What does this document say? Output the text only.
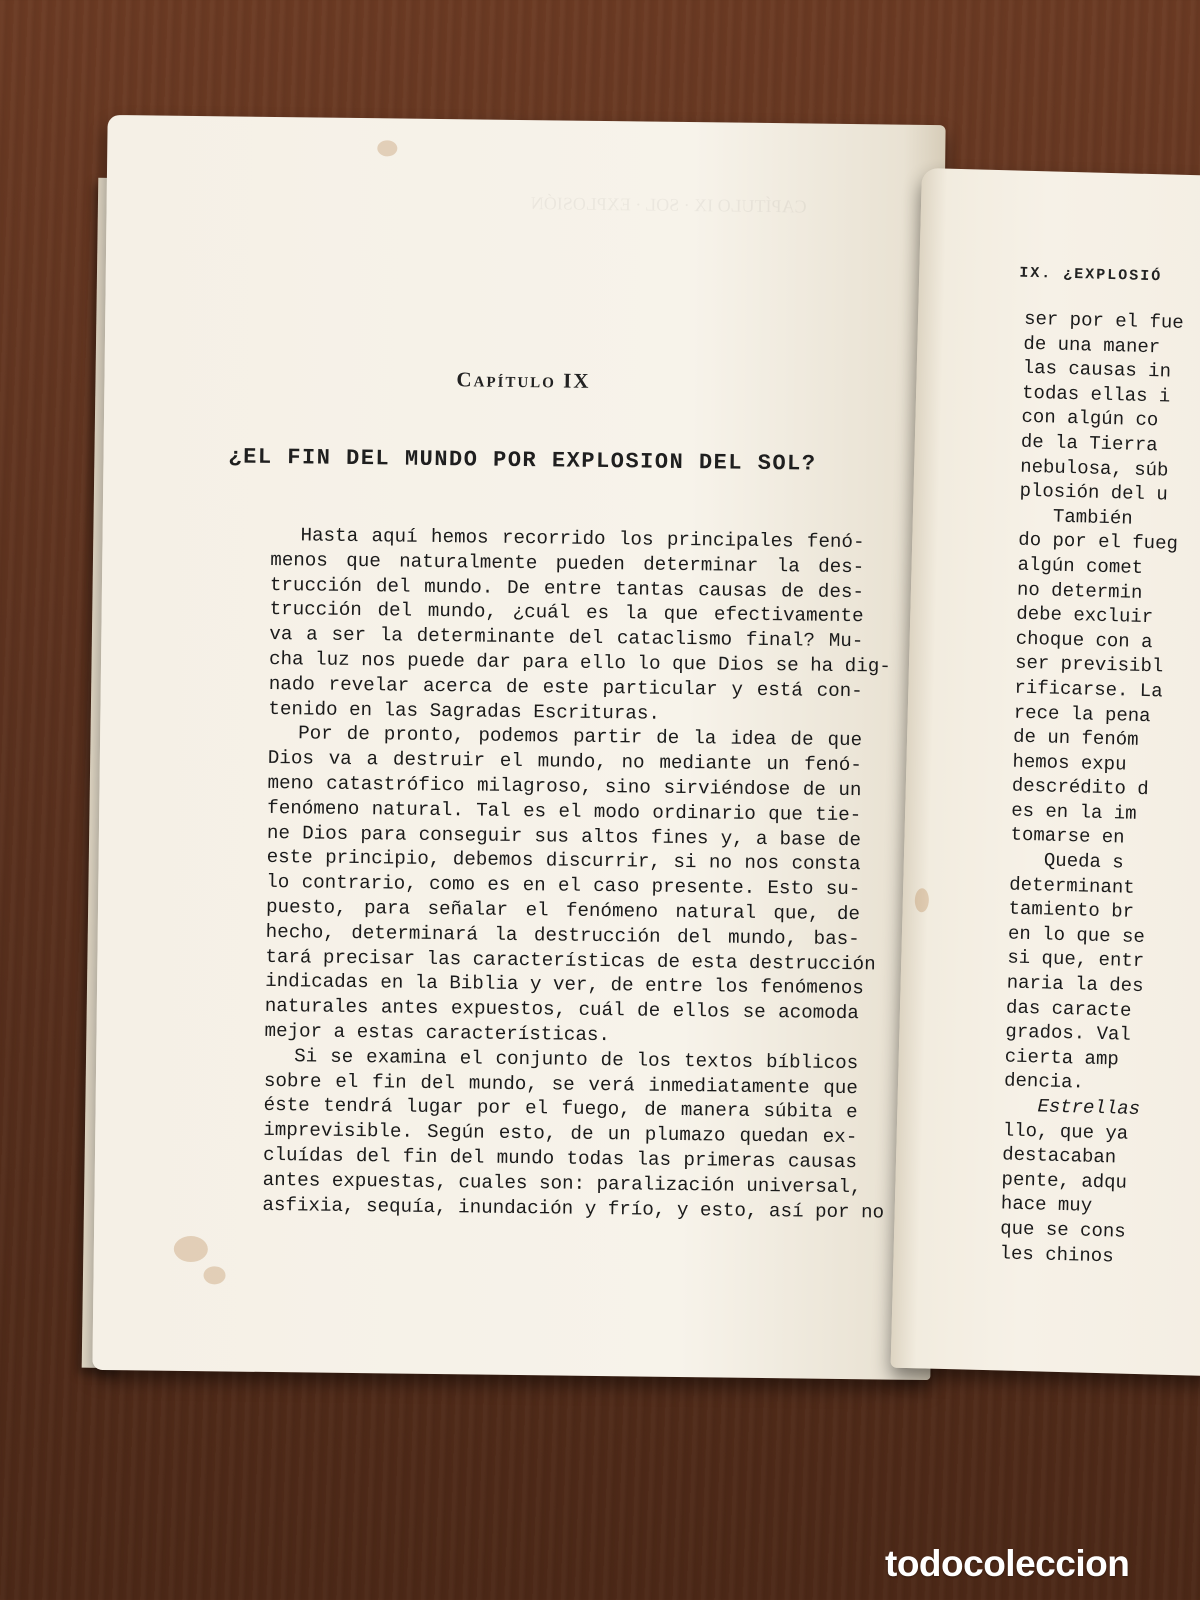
Capítulo IX
¿EL FIN DEL MUNDO POR EXPLOSION DEL SOL?
Hasta aquí hemos recorrido los principales fenó-
menos que naturalmente pueden determinar la des-
trucción del mundo. De entre tantas causas de des-
trucción del mundo, ¿cuál es la que efectivamente
va a ser la determinante del cataclismo final? Mu-
cha luz nos puede dar para ello lo que Dios se ha dig-
nado revelar acerca de este particular y está con-
tenido en las Sagradas Escrituras.
Por de pronto, podemos partir de la idea de que
Dios va a destruir el mundo, no mediante un fenó-
meno catastrófico milagroso, sino sirviéndose de un
fenómeno natural. Tal es el modo ordinario que tie-
ne Dios para conseguir sus altos fines y, a base de
este principio, debemos discurrir, si no nos consta
lo contrario, como es en el caso presente. Esto su-
puesto, para señalar el fenómeno natural que, de
hecho, determinará la destrucción del mundo, bas-
tará precisar las características de esta destrucción
indicadas en la Biblia y ver, de entre los fenómenos
naturales antes expuestos, cuál de ellos se acomoda
mejor a estas características.
Si se examina el conjunto de los textos bíblicos
sobre el fin del mundo, se verá inmediatamente que
éste tendrá lugar por el fuego, de manera súbita e
imprevisible. Según esto, de un plumazo quedan ex-
cluídas del fin del mundo todas las primeras causas
antes expuestas, cuales son: paralización universal,
asfixia, sequía, inundación y frío, y esto, así por no
IX. ¿EXPLOSIÓ
ser por el fue
de una maner
las causas in
todas ellas i
con algún co
de la Tierra
nebulosa, súb
plosión del u
También
do por el fueg
algún comet
no determin
debe excluir
choque con a
ser previsibl
rificarse. La
rece la pena
de un fenóm
hemos expu
descrédito d
es en la im
tomarse en
Queda s
determinant
tamiento br
en lo que se
si que, entr
naria la des
das caracte
grados. Val
cierta amp
dencia.
Estrellas
llo, que ya
destacaban
pente, adqu
hace muy
que se cons
les chinos
todocoleccion
